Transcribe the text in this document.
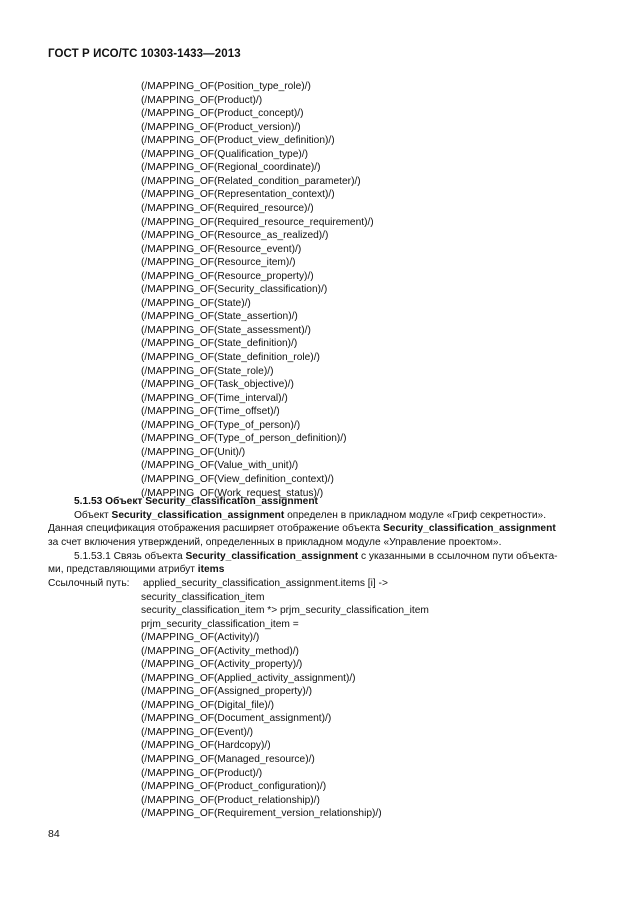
ГОСТ Р ИСО/ТС 10303-1433—2013
5.1.53 Объект Security_classification_assignment
Объект Security_classification_assignment определен в прикладном модуле «Гриф секретности».
Данная спецификация отображения расширяет отображение объекта Security_classification_assignment
за счет включения утверждений, определенных в прикладном модуле «Управление проектом».
5.1.53.1 Связь объекта Security_classification_assignment с указанными в ссылочном пути объекта-
ми, представляющими атрибут items
Ссылочный путь: applied_security_classification_assignment.items [i] ->
security_classification_item
security_classification_item *> prjm_security_classification_item
prjm_security_classification_item =
(/MAPPING_OF(Position_type_role)/)
(/MAPPING_OF(Product)/)
(/MAPPING_OF(Product_concept)/)
(/MAPPING_OF(Product_version)/)
(/MAPPING_OF(Product_view_definition)/)
(/MAPPING_OF(Qualification_type)/)
(/MAPPING_OF(Regional_coordinate)/)
(/MAPPING_OF(Related_condition_parameter)/)
(/MAPPING_OF(Representation_context)/)
(/MAPPING_OF(Required_resource)/)
(/MAPPING_OF(Required_resource_requirement)/)
(/MAPPING_OF(Resource_as_realized)/)
(/MAPPING_OF(Resource_event)/)
(/MAPPING_OF(Resource_item)/)
(/MAPPING_OF(Resource_property)/)
(/MAPPING_OF(Security_classification)/)
(/MAPPING_OF(State)/)
(/MAPPING_OF(State_assertion)/)
(/MAPPING_OF(State_assessment)/)
(/MAPPING_OF(State_definition)/)
(/MAPPING_OF(State_definition_role)/)
(/MAPPING_OF(State_role)/)
(/MAPPING_OF(Task_objective)/)
(/MAPPING_OF(Time_interval)/)
(/MAPPING_OF(Time_offset)/)
(/MAPPING_OF(Type_of_person)/)
(/MAPPING_OF(Type_of_person_definition)/)
(/MAPPING_OF(Unit)/)
(/MAPPING_OF(Value_with_unit)/)
(/MAPPING_OF(View_definition_context)/)
(/MAPPING_OF(Work_request_status)/)
(/MAPPING_OF(Activity)/)
(/MAPPING_OF(Activity_method)/)
(/MAPPING_OF(Activity_property)/)
(/MAPPING_OF(Applied_activity_assignment)/)
(/MAPPING_OF(Assigned_property)/)
(/MAPPING_OF(Digital_file)/)
(/MAPPING_OF(Document_assignment)/)
(/MAPPING_OF(Event)/)
(/MAPPING_OF(Hardcopy)/)
(/MAPPING_OF(Managed_resource)/)
(/MAPPING_OF(Product)/)
(/MAPPING_OF(Product_configuration)/)
(/MAPPING_OF(Product_relationship)/)
(/MAPPING_OF(Requirement_version_relationship)/)
84
